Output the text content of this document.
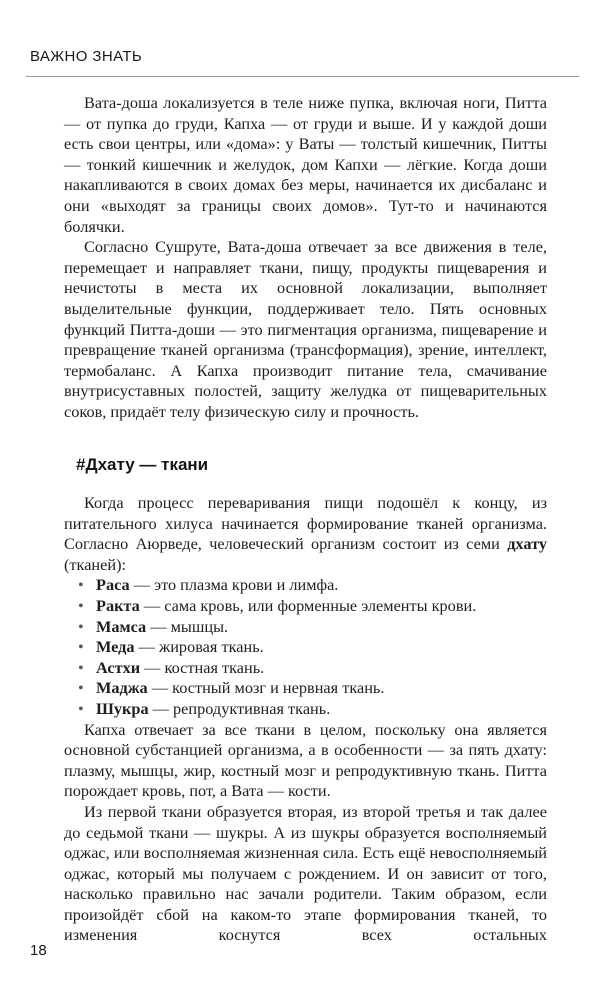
ВАЖНО ЗНАТЬ

Вата-доша локализуется в теле ниже пупка, включая ноги, Питта — от пупка до груди, Капха — от груди и выше. И у каждой доши есть свои центры, или «дома»: у Ваты — толстый кишечник, Питты — тонкий кишечник и желудок, дом Капхи — лёгкие. Когда доши накапливаются в своих домах без меры, начинается их дисбаланс и они «выходят за границы своих домов». Тут-то и начинаются болячки.

Согласно Сушруте, Вата-доша отвечает за все движения в теле, перемещает и направляет ткани, пищу, продукты пищеварения и нечистоты в места их основной локализации, выполняет выделительные функции, поддерживает тело. Пять основных функций Питта-доши — это пигментация организма, пищеварение и превращение тканей организма (трансформация), зрение, интеллект, термобаланс. А Капха производит питание тела, смачивание внутрисуставных полостей, защиту желудка от пищеварительных соков, придаёт телу физическую силу и прочность.

#Дхату — ткани

Когда процесс переваривания пищи подошёл к концу, из питательного хилуса начинается формирование тканей организма. Согласно Аюрведе, человеческий организм состоит из семи дхату (тканей):

• Раса — это плазма крови и лимфа.
• Ракта — сама кровь, или форменные элементы крови.
• Мамса — мышцы.
• Меда — жировая ткань.
• Астхи — костная ткань.
• Маджа — костный мозг и нервная ткань.
• Шукра — репродуктивная ткань.

Капха отвечает за все ткани в целом, поскольку она является основной субстанцией организма, а в особенности — за пять дхату: плазму, мышцы, жир, костный мозг и репродуктивную ткань. Питта порождает кровь, пот, а Вата — кости.

Из первой ткани образуется вторая, из второй третья и так далее до седьмой ткани — шукры. А из шукры образуется восполняемый оджас, или восполняемая жизненная сила. Есть ещё невосполняемый оджас, который мы получаем с рождением. И он зависит от того, насколько правильно нас зачали родители. Таким образом, если произойдёт сбой на каком-то этапе формирования тканей, то изменения коснутся всех остальных

18
